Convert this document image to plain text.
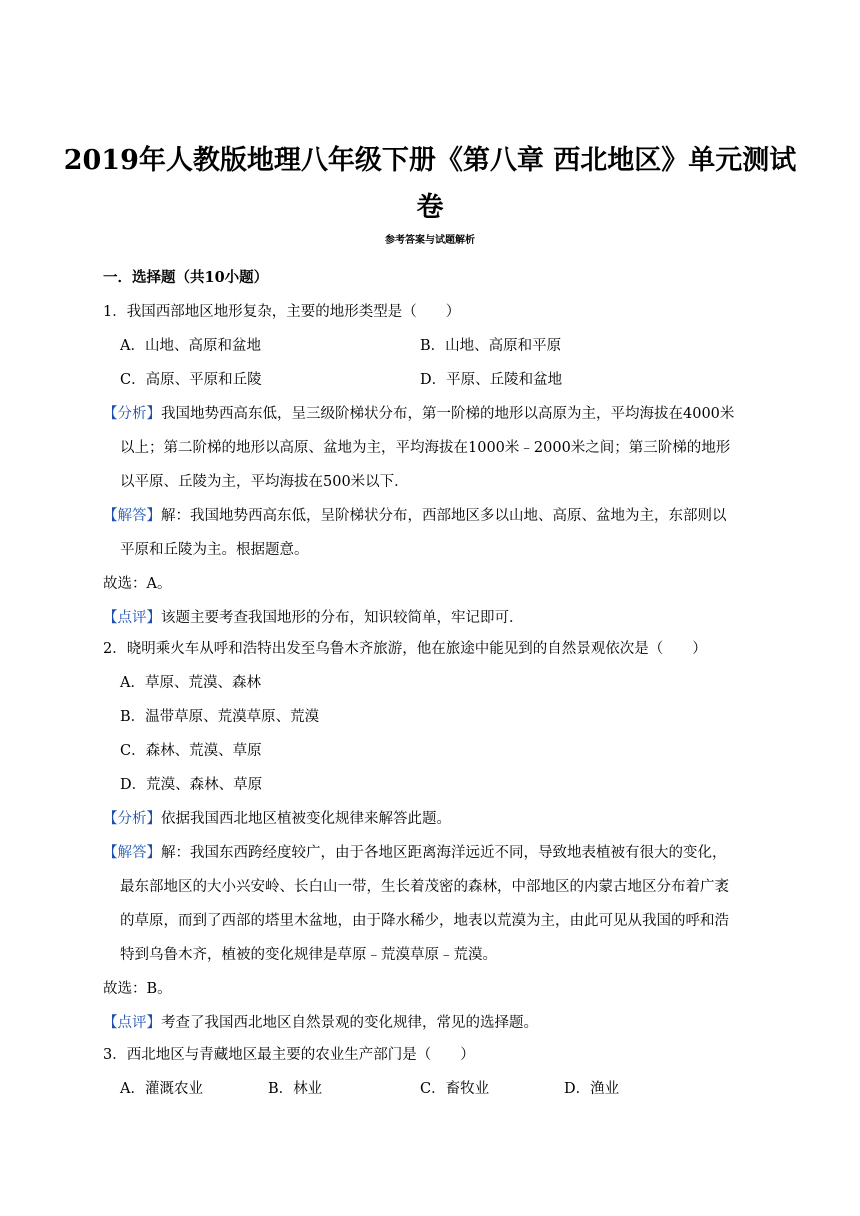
2019年人教版地理八年级下册《第八章 西北地区》单元测试
卷
参考答案与试题解析
一．选择题（共10小题）
1．我国西部地区地形复杂，主要的地形类型是（　　）
A．山地、高原和盆地	B．山地、高原和平原
C．高原、平原和丘陵	D．平原、丘陵和盆地
【分析】我国地势西高东低，呈三级阶梯状分布，第一阶梯的地形以高原为主，平均海拔在4000米
以上；第二阶梯的地形以高原、盆地为主，平均海拔在1000米﹣2000米之间；第三阶梯的地形
以平原、丘陵为主，平均海拔在500米以下．
【解答】解：我国地势西高东低，呈阶梯状分布，西部地区多以山地、高原、盆地为主，东部则以
平原和丘陵为主。根据题意。
故选：A。
【点评】该题主要考查我国地形的分布，知识较简单，牢记即可．
2．晓明乘火车从呼和浩特出发至乌鲁木齐旅游，他在旅途中能见到的自然景观依次是（　　）
A．草原、荒漠、森林
B．温带草原、荒漠草原、荒漠
C．森林、荒漠、草原
D．荒漠、森林、草原
【分析】依据我国西北地区植被变化规律来解答此题。
【解答】解：我国东西跨经度较广，由于各地区距离海洋远近不同，导致地表植被有很大的变化，
最东部地区的大小兴安岭、长白山一带，生长着茂密的森林，中部地区的内蒙古地区分布着广袤
的草原，而到了西部的塔里木盆地，由于降水稀少，地表以荒漠为主，由此可见从我国的呼和浩
特到乌鲁木齐，植被的变化规律是草原﹣荒漠草原﹣荒漠。
故选：B。
【点评】考查了我国西北地区自然景观的变化规律，常见的选择题。
3．西北地区与青藏地区最主要的农业生产部门是（　　）
A．灌溉农业	B．林业	C．畜牧业	D．渔业
